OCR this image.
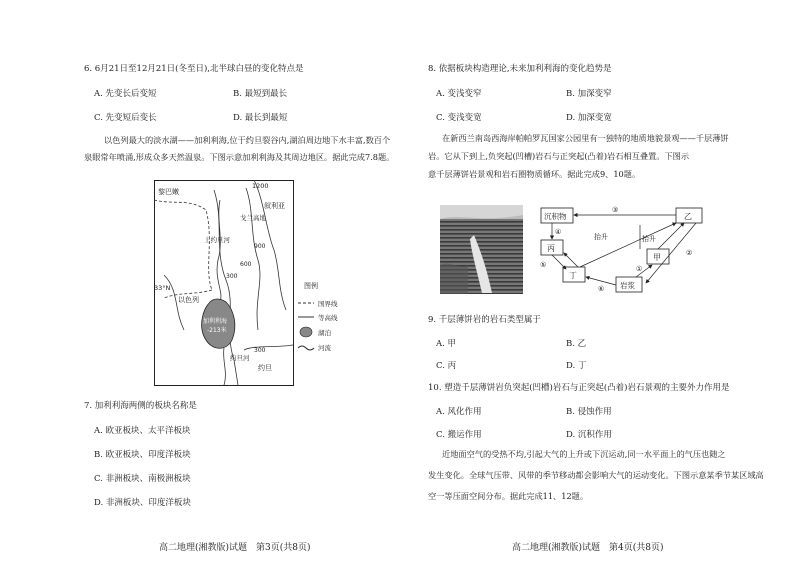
6. 6月21日至12月21日(冬至日),北半球白昼的变化特点是
A. 先变长后变短	B. 最短到最长
C. 先变短后变长	D. 最长到最短
以色列最大的淡水湖——加利利海,位于约旦裂谷内,湖泊周边地下水丰富,数百个
泉眼常年喷涌,形成众多天然温泉。下图示意加利利海及其周边地区。据此完成7.8题。
黎巴嫩
叙利亚
1200
戈兰高地
上约旦河
900
600
300
33°N
以色列
加利利海
-213米
约旦河
300
约旦
图例
国界线
等高线
湖泊
河流
7. 加利利海两侧的板块名称是
A. 欧亚板块、太平洋板块
B. 欧亚板块、印度洋板块
C. 非洲板块、南极洲板块
D. 非洲板块、印度洋板块
高二地理(湘教版)试题　第3页(共8页)
8. 依据板块构造理论,未来加利利海的变化趋势是
A. 变浅变窄	B. 加深变窄
C. 变浅变宽	D. 加深变宽
在新西兰南岛西海岸帕帕罗瓦国家公园里有一独特的地质地貌景观——千层薄饼
岩。它从下到上,负突起(凹槽)岩石与正突起(凸着)岩石相互叠置。下图示
意千层薄饼岩景观和岩石圈物质循环。据此完成9、10题。
沉积物	乙
丙
甲
丁
岩浆
③
④
⑤
抬升	抬升
②
①
⑥
9. 千层薄饼岩的岩石类型属于
A. 甲	B. 乙
C. 丙	D. 丁
10. 塑造千层薄饼岩负突起(凹槽)岩石与正突起(凸着)岩石景观的主要外力作用是
A. 风化作用	B. 侵蚀作用
C. 搬运作用	D. 沉积作用
近地面空气的受热不均,引起大气的上升或下沉运动,同一水平面上的气压也随之
发生变化。全球气压带、风带的季节移动都会影响大气的运动变化。下图示意某季节某区域高
空一等压面空间分布。据此完成11、12题。
高二地理(湘教版)试题　第4页(共8页)
